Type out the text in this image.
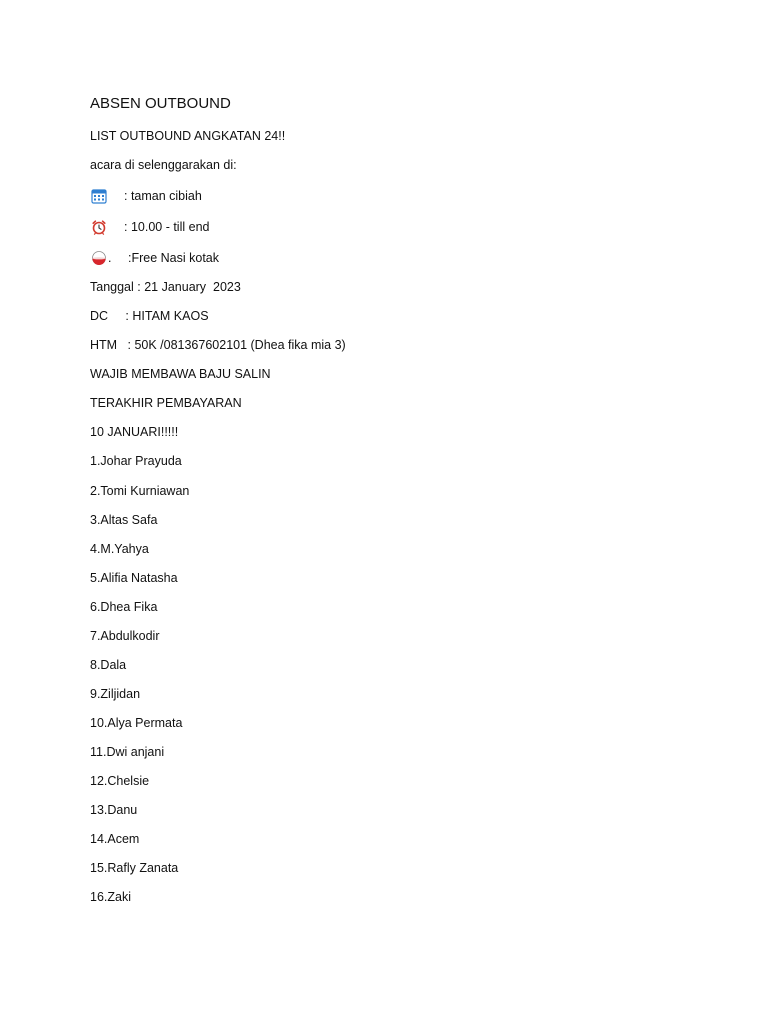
ABSEN OUTBOUND
LIST OUTBOUND ANGKATAN 24!!
acara di selenggarakan di:
: taman cibiah
: 10.00 - till end
.	:Free Nasi kotak
Tanggal : 21 January  2023
DC     : HITAM KAOS
HTM   : 50K /081367602101 (Dhea fika mia 3)
WAJIB MEMBAWA BAJU SALIN
TERAKHIR PEMBAYARAN
10 JANUARI!!!!!
1.Johar Prayuda
2.Tomi Kurniawan
3.Altas Safa
4.M.Yahya
5.Alifia Natasha
6.Dhea Fika
7.Abdulkodir
8.Dala
9.Ziljidan
10.Alya Permata
11.Dwi anjani
12.Chelsie
13.Danu
14.Acem
15.Rafly Zanata
16.Zaki
